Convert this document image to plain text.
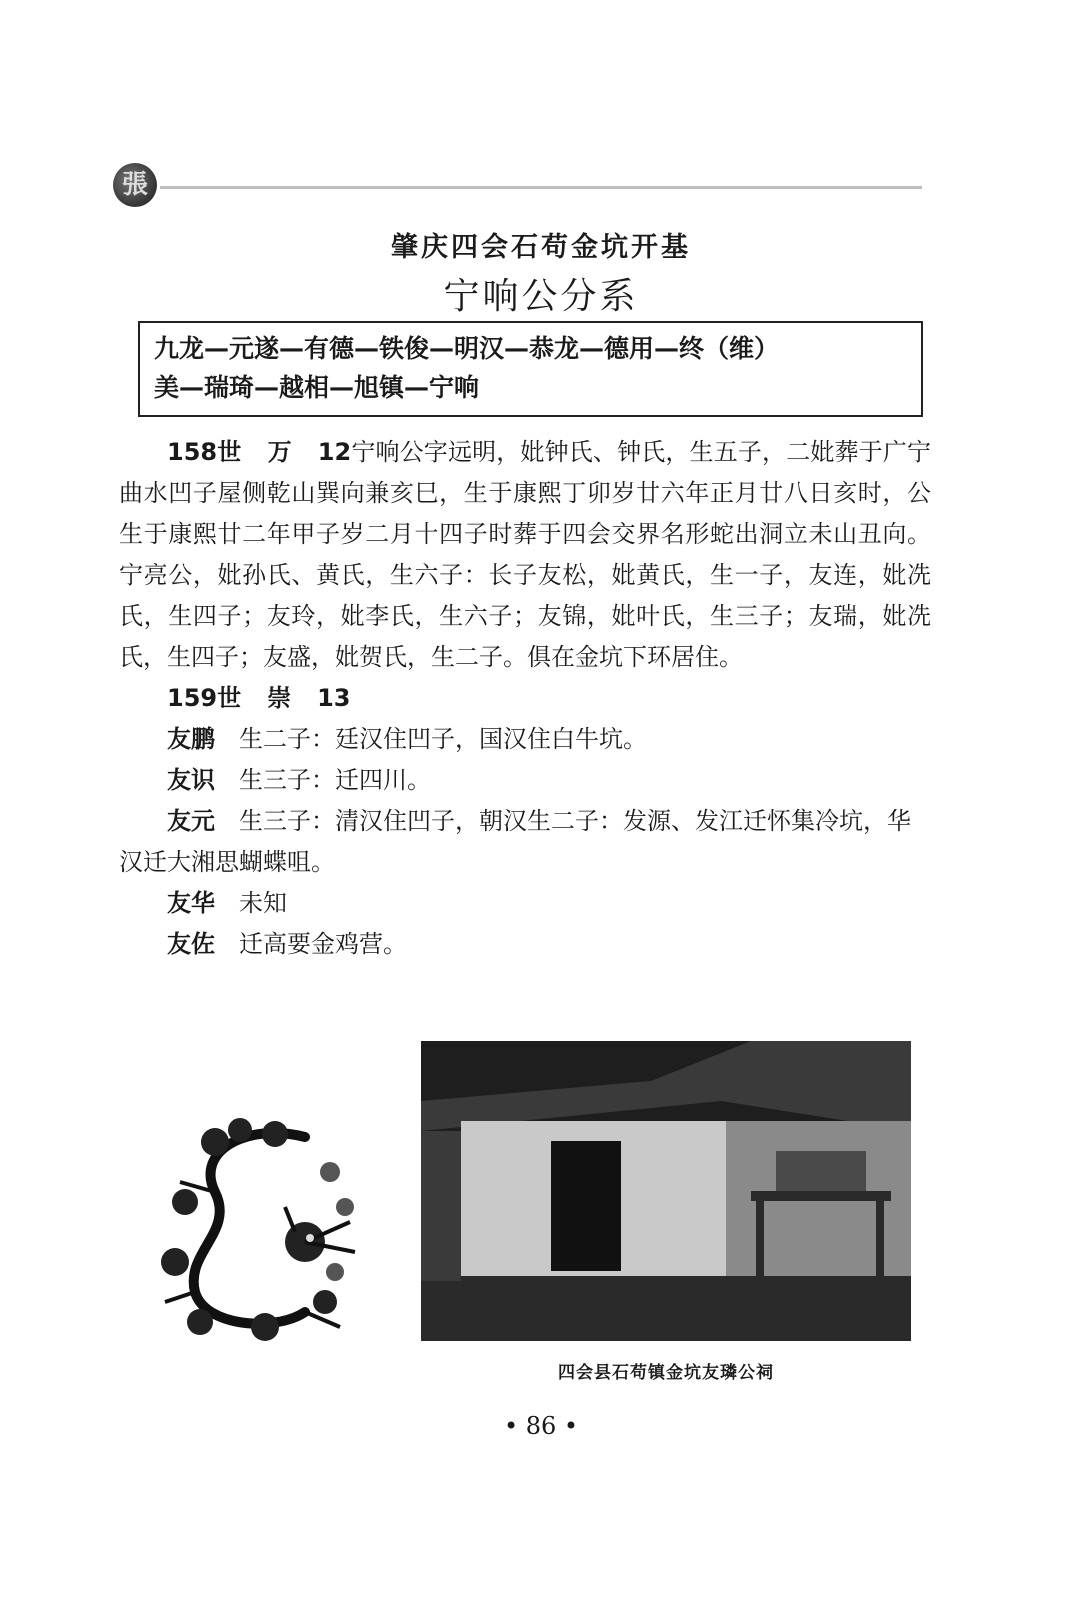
張
肇庆四会石苟金坑开基
宁响公分系
九龙—元遂—有德—铁俊—明汉—恭龙—德用—终（维）
美—瑞琦—越相—旭镇—宁响

158世 万 12宁响公字远明，妣钟氏、钟氏，生五子，二妣葬于广宁曲水凹子屋侧乾山巽向兼亥巳，生于康熙丁卯岁廿六年正月廿八日亥时，公生于康熙廿二年甲子岁二月十四子时葬于四会交界名形蛇出洞立未山丑向。宁亮公，妣孙氏、黄氏，生六子：长子友松，妣黄氏，生一子，友连，妣冼氏，生四子；友玲，妣李氏，生六子；友锦，妣叶氏，生三子；友瑞，妣冼氏，生四子；友盛，妣贺氏，生二子。俱在金坑下环居住。

159世 崇 13
友鹏 生二子：廷汉住凹子，国汉住白牛坑。
友识 生三子：迁四川。
友元 生三子：清汉住凹子，朝汉生二子：发源、发江迁怀集冷坑，华汉迁大湘思蝴蝶咀。
友华 未知
友佐 迁高要金鸡营。
四会县石苟镇金坑友璘公祠
• 86 •
